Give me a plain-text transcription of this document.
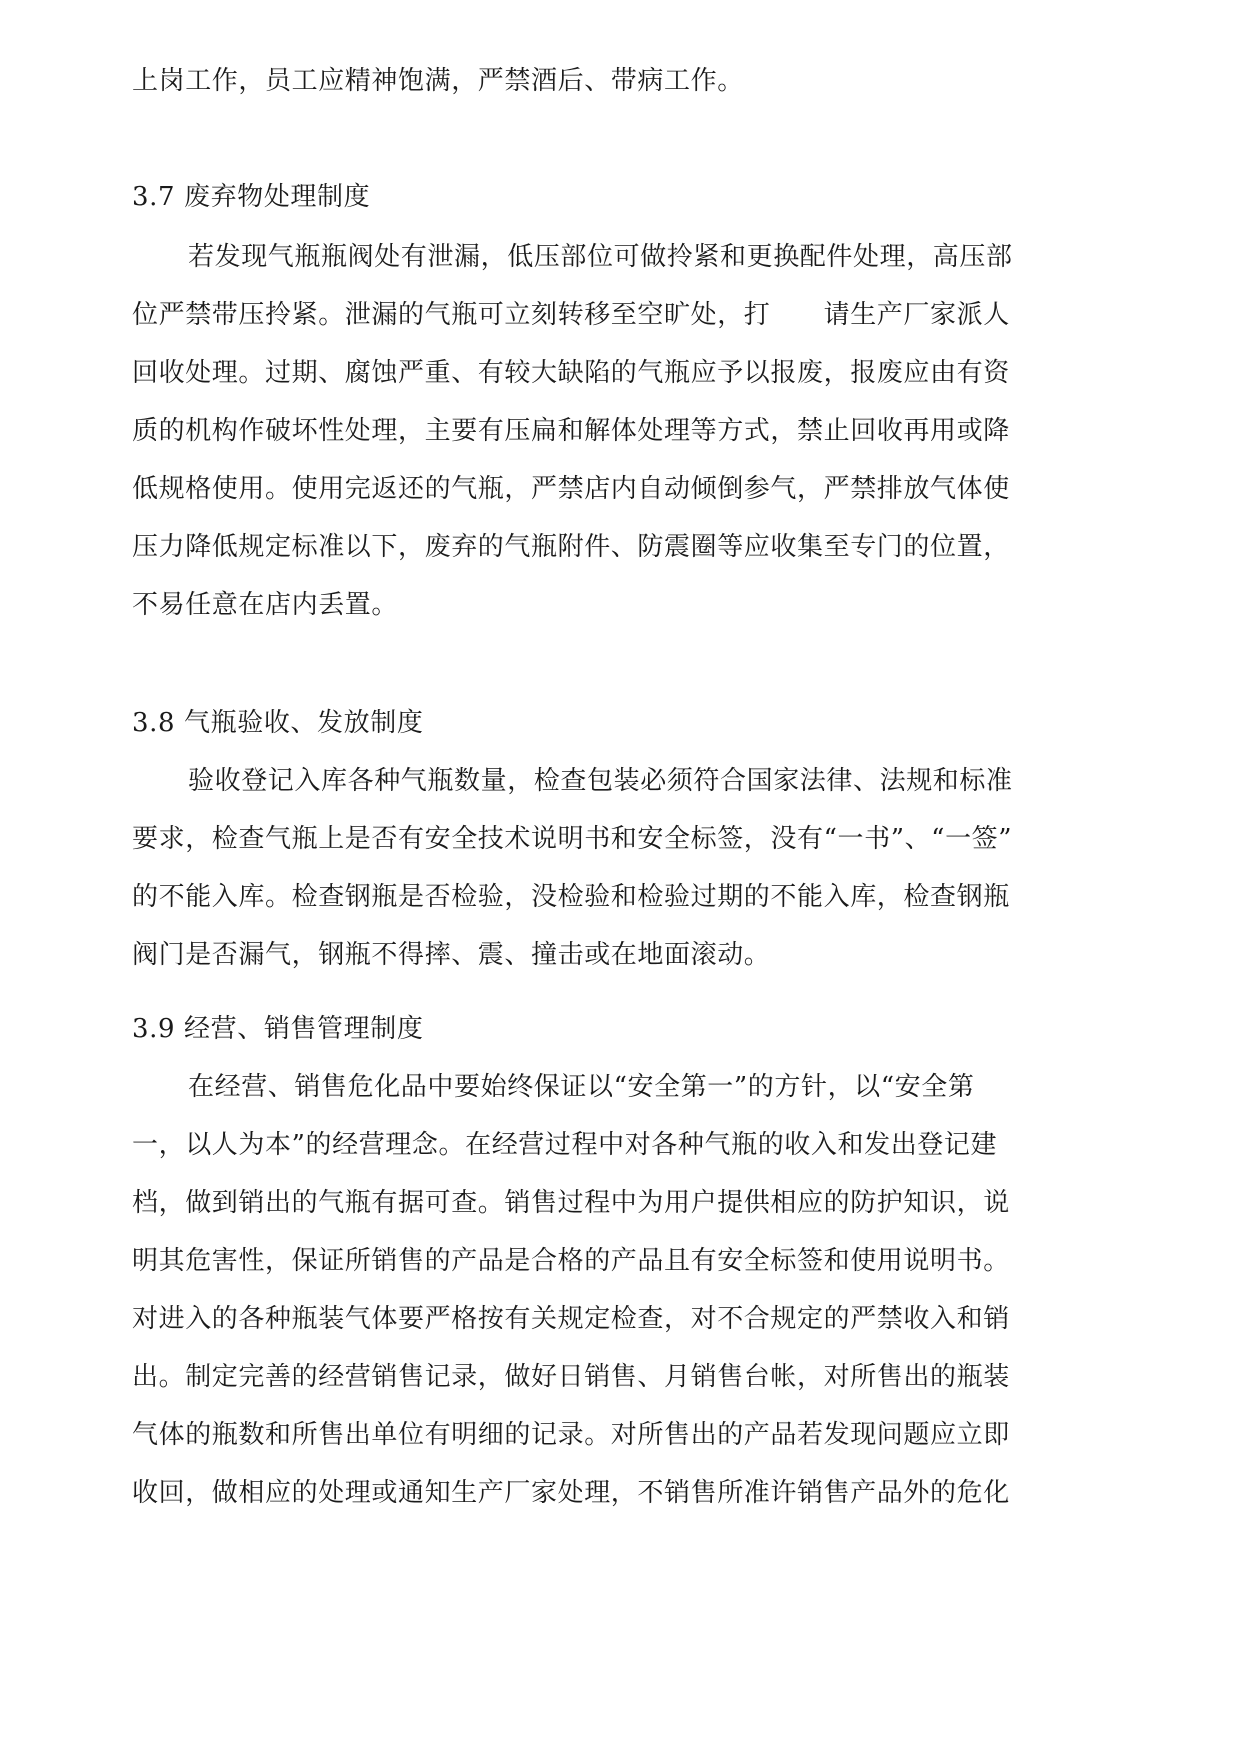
上岗工作，员工应精神饱满，严禁酒后、带病工作。
3.7 废弃物处理制度
若发现气瓶瓶阀处有泄漏，低压部位可做拎紧和更换配件处理，高压部
位严禁带压拎紧。泄漏的气瓶可立刻转移至空旷处，打　　请生产厂家派人
回收处理。过期、腐蚀严重、有较大缺陷的气瓶应予以报废，报废应由有资
质的机构作破坏性处理，主要有压扁和解体处理等方式，禁止回收再用或降
低规格使用。使用完返还的气瓶，严禁店内自动倾倒参气，严禁排放气体使
压力降低规定标准以下，废弃的气瓶附件、防震圈等应收集至专门的位置，
不易任意在店内丢置。
3.8 气瓶验收、发放制度
验收登记入库各种气瓶数量，检查包装必须符合国家法律、法规和标准
要求，检查气瓶上是否有安全技术说明书和安全标签，没有“一书”、“一签”
的不能入库。检查钢瓶是否检验，没检验和检验过期的不能入库，检查钢瓶
阀门是否漏气，钢瓶不得摔、震、撞击或在地面滚动。
3.9 经营、销售管理制度
在经营、销售危化品中要始终保证以“安全第一”的方针，以“安全第
一，以人为本”的经营理念。在经营过程中对各种气瓶的收入和发出登记建
档，做到销出的气瓶有据可查。销售过程中为用户提供相应的防护知识，说
明其危害性，保证所销售的产品是合格的产品且有安全标签和使用说明书。
对进入的各种瓶装气体要严格按有关规定检查，对不合规定的严禁收入和销
出。制定完善的经营销售记录，做好日销售、月销售台帐，对所售出的瓶装
气体的瓶数和所售出单位有明细的记录。对所售出的产品若发现问题应立即
收回，做相应的处理或通知生产厂家处理，不销售所准许销售产品外的危化
